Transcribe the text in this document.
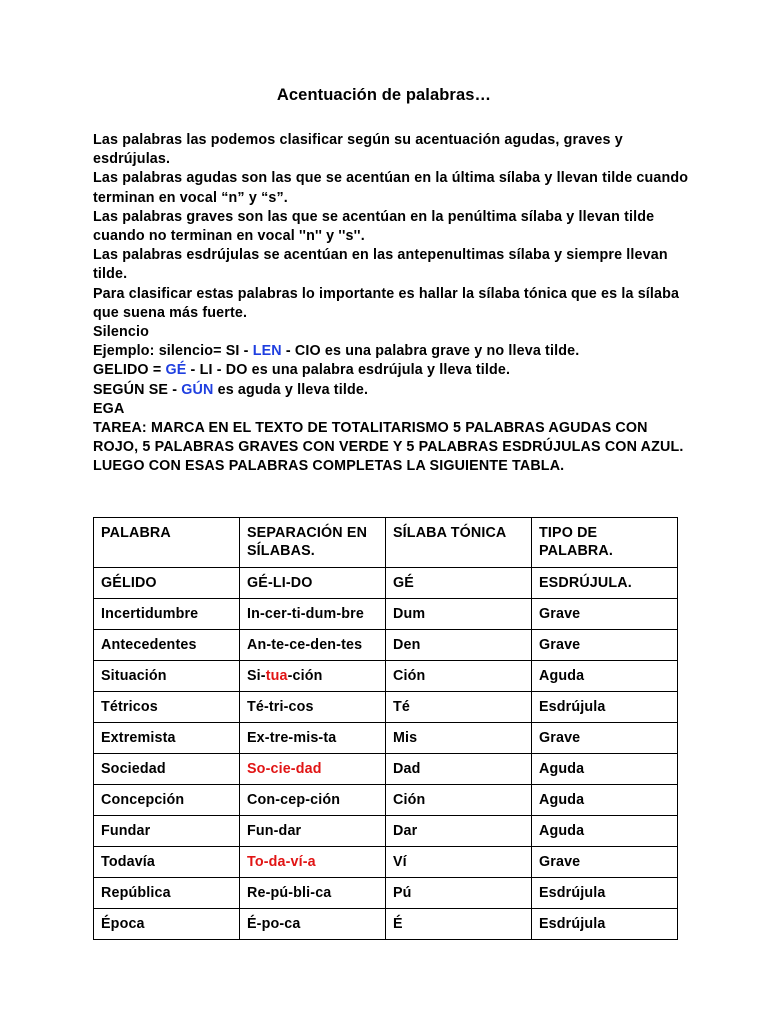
Acentuación de palabras…

Las palabras las podemos clasificar según su acentuación agudas, graves y esdrújulas.

Las palabras agudas son las que se acentúan en la última sílaba y llevan tilde cuando terminan en vocal “n” y “s”.

Las palabras graves son las que se acentúan en la penúltima sílaba y llevan tilde cuando no terminan en vocal ''n'' y ''s''.

Las palabras esdrújulas se acentúan en las antepenultimas sílaba y siempre llevan tilde.

Para clasificar estas palabras lo importante es hallar la sílaba tónica que es la sílaba que suena más fuerte.

Silencio

Ejemplo: silencio= SI - LEN - CIO es una palabra grave y no lleva tilde.

GELIDO = GÉ - LI - DO es una palabra esdrújula y lleva tilde.

SEGÚN SE - GÚN es aguda y lleva tilde.

EGA

TAREA: MARCA EN EL TEXTO DE TOTALITARISMO 5 PALABRAS AGUDAS CON ROJO, 5 PALABRAS GRAVES CON VERDE Y 5 PALABRAS ESDRÚJULAS CON AZUL.

LUEGO CON ESAS PALABRAS COMPLETAS LA SIGUIENTE TABLA.

PALABRA	SEPARACIÓN EN SÍLABAS.	SÍLABA TÓNICA	TIPO DE PALABRA.
GÉLIDO	GÉ-LI-DO	GÉ	ESDRÚJULA.
Incertidumbre	In-cer-ti-dum-bre	Dum	Grave
Antecedentes	An-te-ce-den-tes	Den	Grave
Situación	Si-tua-ción	Ción	Aguda
Tétricos	Té-tri-cos	Té	Esdrújula
Extremista	Ex-tre-mis-ta	Mis	Grave
Sociedad	So-cie-dad	Dad	Aguda
Concepción	Con-cep-ción	Ción	Aguda
Fundar	Fun-dar	Dar	Aguda
Todavía	To-da-ví-a	Ví	Grave
República	Re-pú-bli-ca	Pú	Esdrújula
Época	É-po-ca	É	Esdrújula
